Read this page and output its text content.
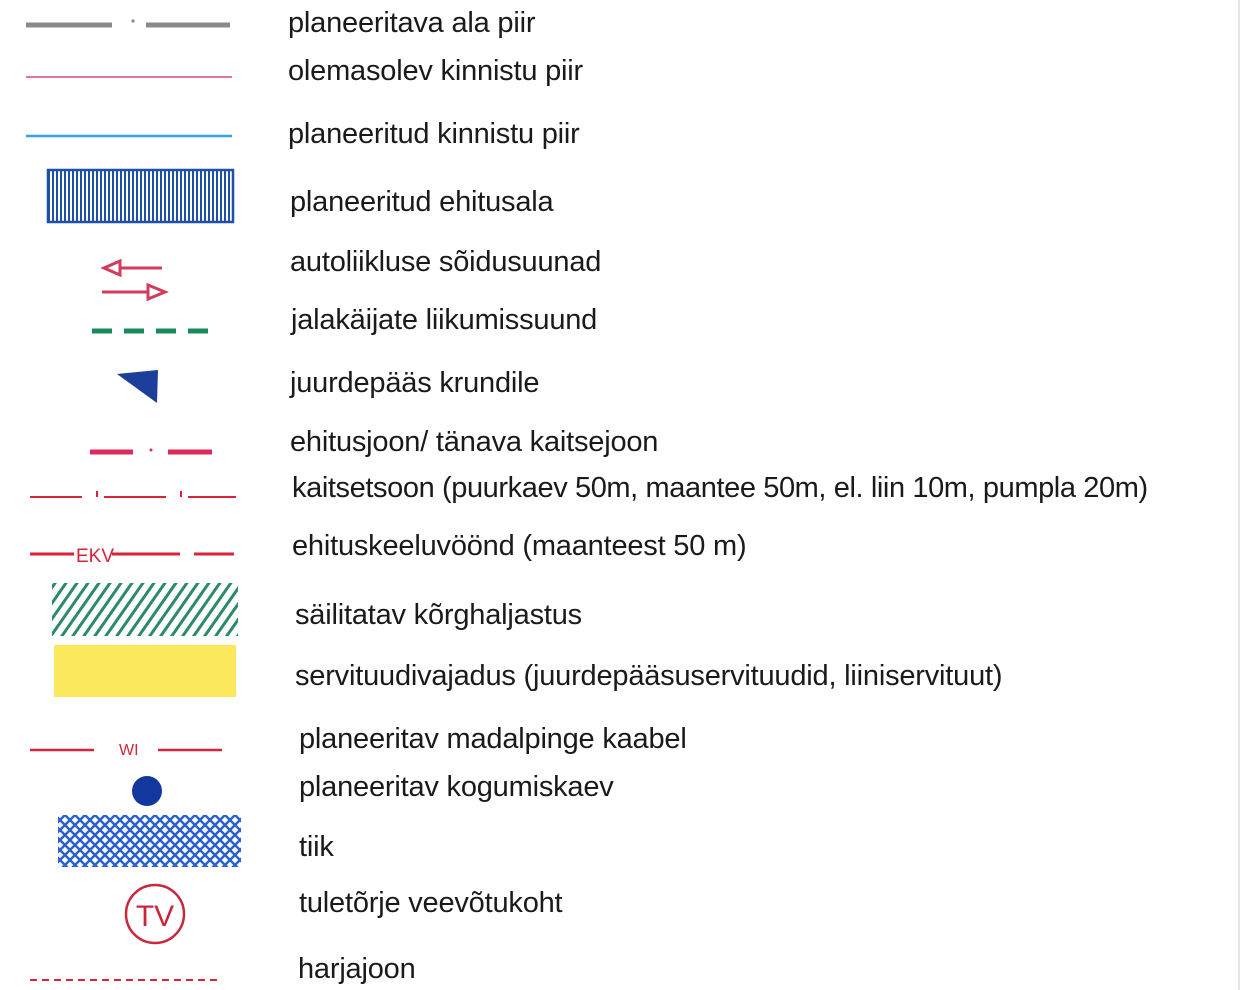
EKV
WI
TV
planeeritava ala piir
olemasolev kinnistu piir
planeeritud kinnistu piir
planeeritud ehitusala
autoliikluse sõidusuunad
jalakäijate liikumissuund
juurdepääs krundile
ehitusjoon/ tänava kaitsejoon
kaitsetsoon (puurkaev 50m, maantee 50m, el. liin 10m, pumpla 20m)
ehituskeeluvöönd (maanteest 50 m)
säilitatav kõrghaljastus
servituudivajadus (juurdepääsuservituudid, liiniservituut)
planeeritav madalpinge kaabel
planeeritav kogumiskaev
tiik
tuletõrje veevõtukoht
harjajoon
